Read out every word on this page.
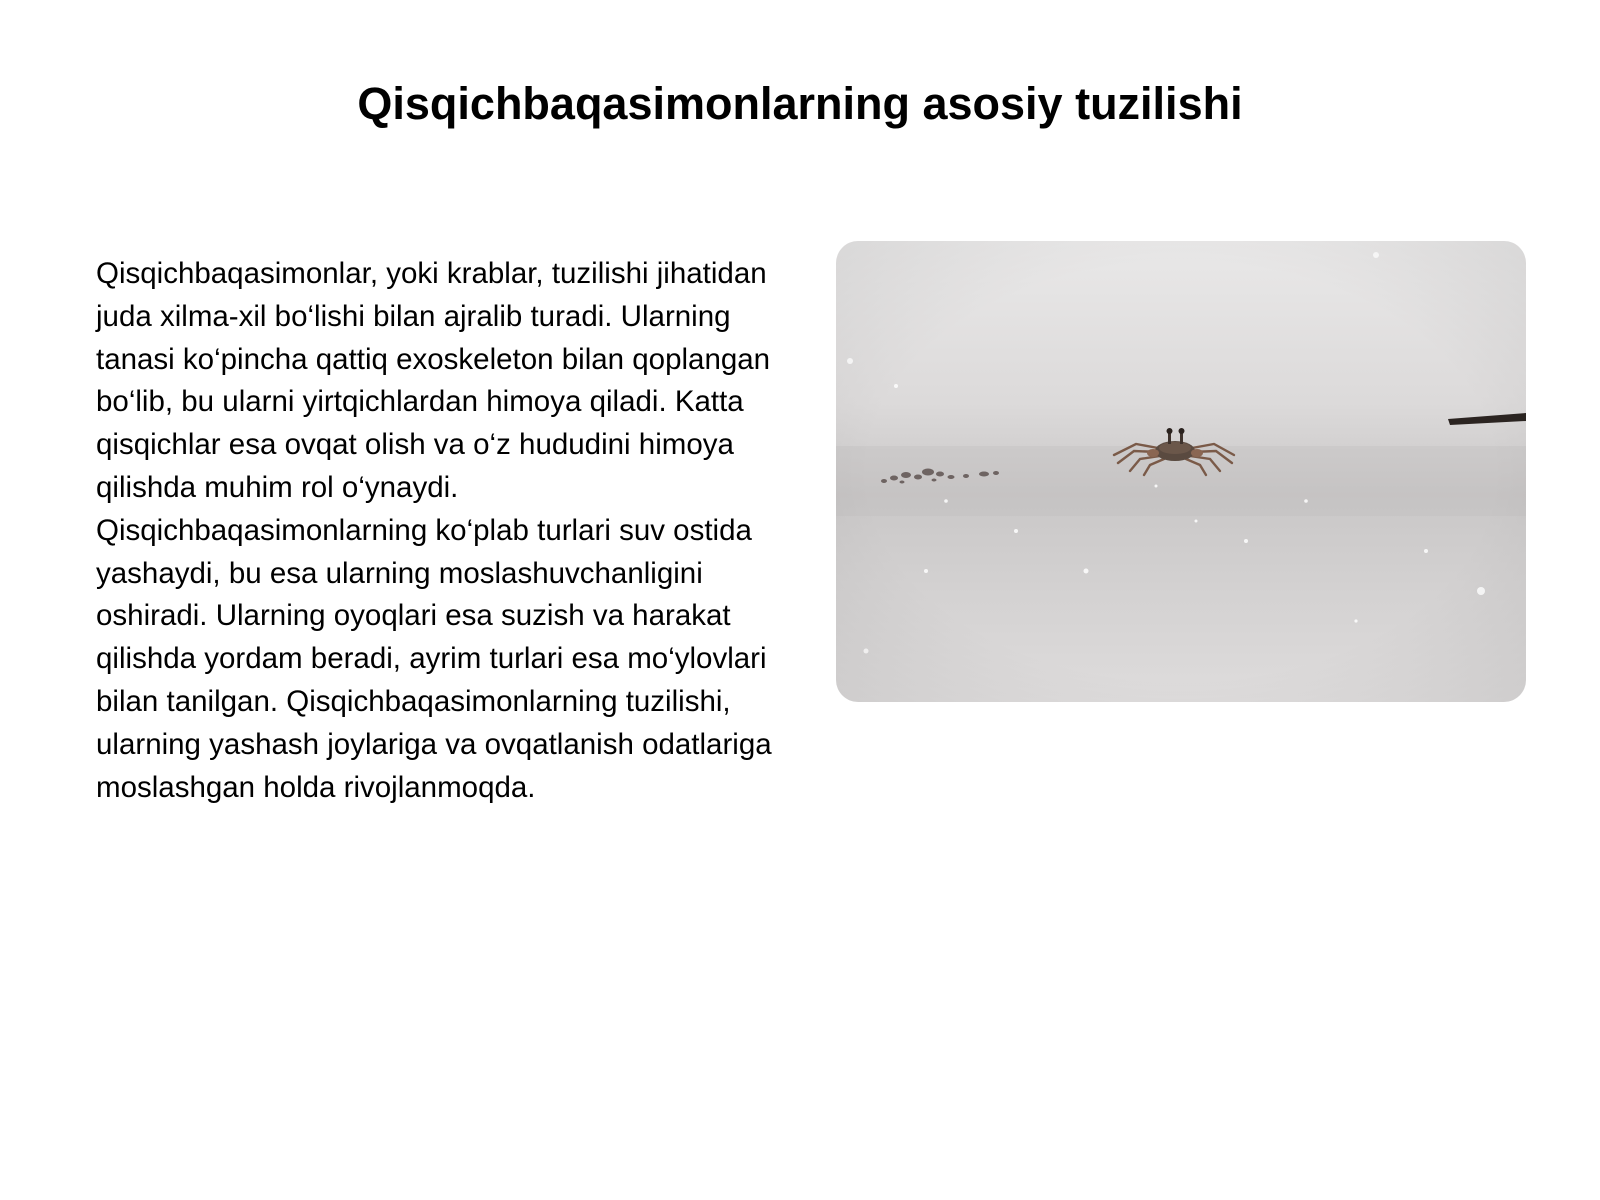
Qisqichbaqasimonlarning asosiy tuzilishi

Qisqichbaqasimonlar, yoki krablar, tuzilishi jihatidan juda xilma-xil bo‘lishi bilan ajralib turadi. Ularning tanasi ko‘pincha qattiq exoskeleton bilan qoplangan bo‘lib, bu ularni yirtqichlardan himoya qiladi. Katta qisqichlar esa ovqat olish va o‘z hududini himoya qilishda muhim rol o‘ynaydi. Qisqichbaqasimonlarning ko‘plab turlari suv ostida yashaydi, bu esa ularning moslashuvchanligini oshiradi. Ularning oyoqlari esa suzish va harakat qilishda yordam beradi, ayrim turlari esa mo‘ylovlari bilan tanilgan. Qisqichbaqasimonlarning tuzilishi, ularning yashash joylariga va ovqatlanish odatlariga moslashgan holda rivojlanmoqda.
